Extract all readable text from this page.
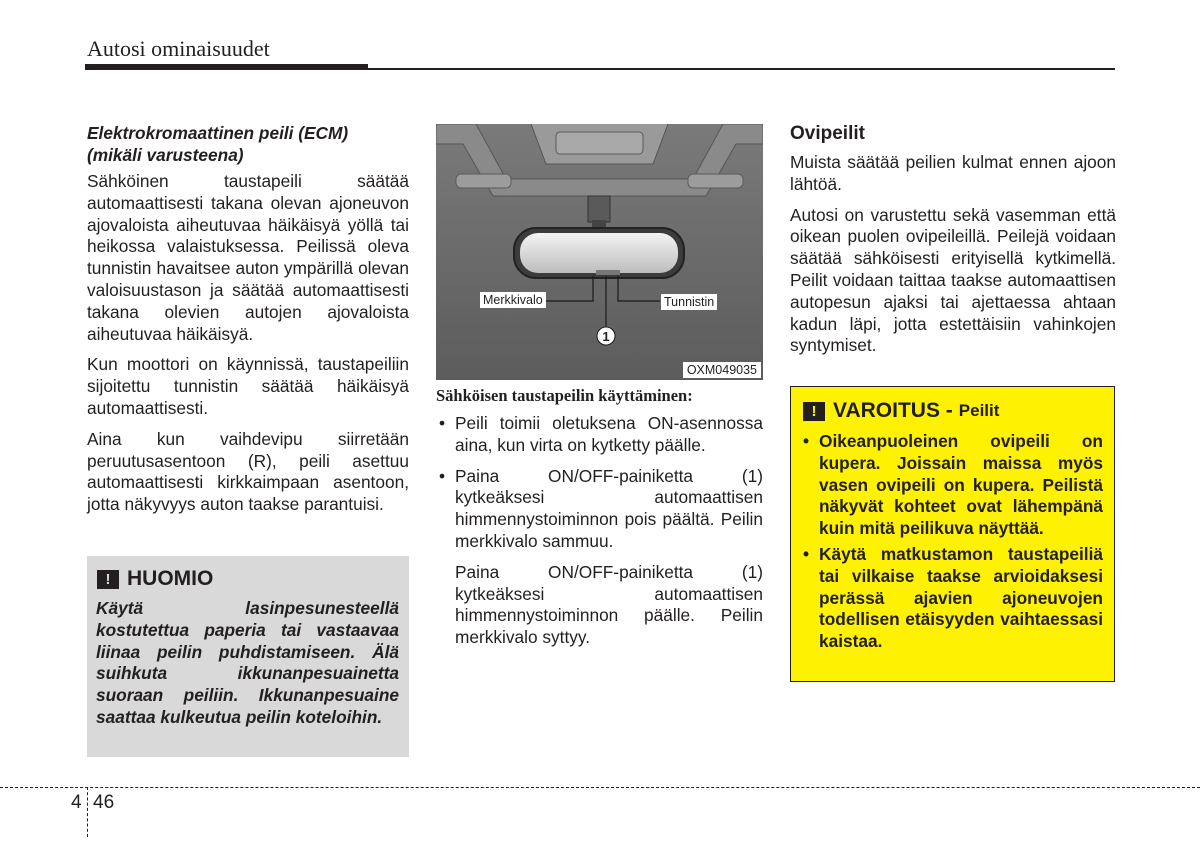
Autosi ominaisuudet
Elektrokromaattinen peili (ECM)
(mikäli varusteena)

Sähköinen taustapeili säätää automaattisesti takana olevan ajoneuvon ajovaloista aiheutuvaa häikäisyä yöllä tai heikossa valaistuksessa. Peilissä oleva tunnistin havaitsee auton ympärillä olevan valoisuustason ja säätää automaattisesti takana olevien autojen ajovaloista aiheutuvaa häikäisyä.

Kun moottori on käynnissä, taustapeiliin sijoitettu tunnistin säätää häikäisyä automaattisesti.

Aina kun vaihdevipu siirretään peruutusasentoon (R), peili asettuu automaattisesti kirkkaimpaan asentoon, jotta näkyvyys auton taakse parantuisi.

!
HUOMIO
Käytä lasinpesunesteellä kostutettua paperia tai vastaavaa liinaa peilin puhdistamiseen. Älä suihkuta ikkunanpesuainetta suoraan peiliin. Ikkunanpesuaine saattaa kulkeutua peilin koteloihin.
1
Merkkivalo	Tunnistin
OXM049035
Sähköisen taustapeilin käyttäminen:
• Peili toimii oletuksena ON-asennossa aina, kun virta on kytketty päälle.
• Paina ON/OFF-painiketta (1) kytkeäksesi automaattisen himmennystoiminnon pois päältä. Peilin merkkivalo sammuu.
Paina ON/OFF-painiketta (1) kytkeäksesi automaattisen himmennystoiminnon päälle. Peilin merkkivalo syttyy.
Ovipeilit

Muista säätää peilien kulmat ennen ajoon lähtöä.

Autosi on varustettu sekä vasemman että oikean puolen ovipeileillä. Peilejä voidaan säätää sähköisesti erityisellä kytkimellä. Peilit voidaan taittaa taakse automaattisen autopesun ajaksi tai ajettaessa ahtaan kadun läpi, jotta estettäisiin vahinkojen syntymiset.

!
VAROITUS - Peilit
• Oikeanpuoleinen ovipeili on kupera. Joissain maissa myös vasen ovipeili on kupera. Peilistä näkyvät kohteet ovat lähempänä kuin mitä peilikuva näyttää.
• Käytä matkustamon taustapeiliä tai vilkaise taakse arvioidaksesi perässä ajavien ajoneuvojen todellisen etäisyyden vaihtaessasi kaistaa.
4 46
